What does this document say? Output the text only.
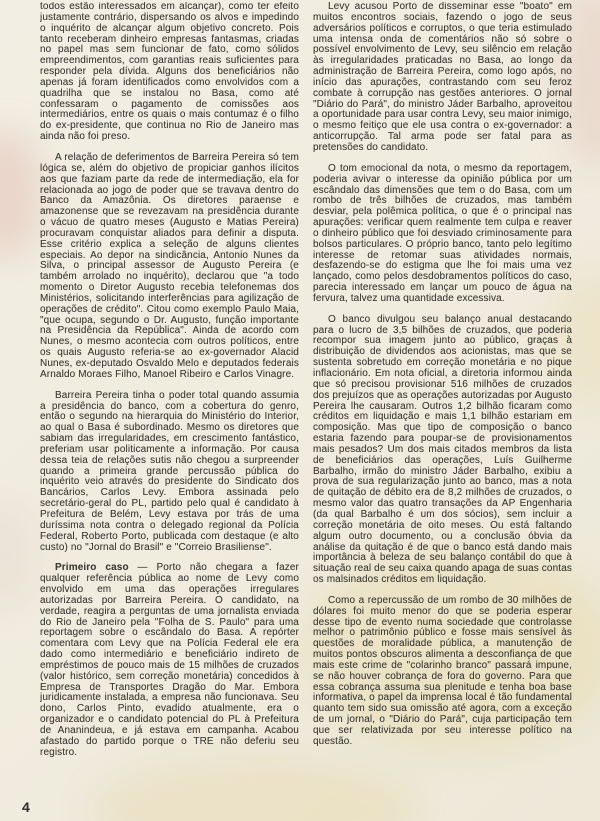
todos estão interessados em alcançar), como ter efeito justamente contrário, dispersando os alvos e impedindo o inquérito de alcançar algum objetivo concreto. Pois tanto receberam dinheiro empresas fantasmas, criadas no papel mas sem funcionar de fato, como sólidos empreendimentos, com garantias reais suficientes para responder pela dívida. Alguns dos beneficiários não apenas já foram identificados como envolvidos com a quadrilha que se instalou no Basa, como até confessaram o pagamento de comissões aos intermediários, entre os quais o mais contumaz é o filho do ex-presidente, que continua no Rio de Janeiro mas ainda não foi preso.

A relação de deferimentos de Barreira Pereira só tem lógica se, além do objetivo de propiciar ganhos ilícitos aos que faziam parte da rede de intermediação, ela for relacionada ao jogo de poder que se travava dentro do Banco da Amazônia. Os diretores paraense e amazonense que se revezavam na presidência durante o vácuo de quatro meses (Augusto e Matias Pereira) procuravam conquistar aliados para definir a disputa. Esse critério explica a seleção de alguns clientes especiais. Ao depor na sindicância, Antonio Nunes da Silva, o principal assessor de Augusto Pereira (e também arrolado no inquérito), declarou que "a todo momento o Diretor Augusto recebia telefonemas dos Ministérios, solicitando interferências para agilização de operações de crédito". Citou como exemplo Paulo Maia, "que ocupa, segundo o Dr. Augusto, função importante na Presidência da República". Ainda de acordo com Nunes, o mesmo acontecia com outros políticos, entre os quais Augusto referia-se ao ex-governador Alacid Nunes, ex-deputado Osvaldo Melo e deputados federais Arnaldo Moraes Filho, Manoel Ribeiro e Carlos Vinagre.

Barreira Pereira tinha o poder total quando assumia a presidência do banco, com a cobertura do genro, então o segundo na hierarquia do Ministério do Interior, ao qual o Basa é subordinado. Mesmo os diretores que sabiam das irregularidades, em crescimento fantástico, preferiam usar politicamente a informação. Por causa dessa teia de relações sutis não chegou a surpreender quando a primeira grande percussão pública do inquérito veio através do presidente do Sindicato dos Bancários, Carlos Levy. Embora assinada pelo secretário-geral do PL, partido pelo qual é candidato à Prefeitura de Belém, Levy estava por trás de uma duríssima nota contra o delegado regional da Polícia Federal, Roberto Porto, publicada com destaque (e alto custo) no "Jornal do Brasil" e "Correio Brasiliense".

Primeiro caso — Porto não chegara a fazer qualquer referência pública ao nome de Levy como envolvido em uma das operações irregulares autorizadas por Barreira Pereira. O candidato, na verdade, reagira a perguntas de uma jornalista enviada do Rio de Janeiro pela "Folha de S. Paulo" para uma reportagem sobre o escândalo do Basa. A repórter comentara com Levy que na Polícia Federal ele era dado como intermediário e beneficiário indireto de empréstimos de pouco mais de 15 milhões de cruzados (valor histórico, sem correção monetária) concedidos à Empresa de Transportes Dragão do Mar. Embora juridicamente instalada, a empresa não funcionava. Seu dono, Carlos Pinto, evadido atualmente, era o organizador e o candidato potencial do PL à Prefeitura de Ananindeua, e já estava em campanha. Acabou afastado do partido porque o TRE não deferiu seu registro.

Levy acusou Porto de disseminar esse "boato" em muitos encontros sociais, fazendo o jogo de seus adversários políticos e corruptos, o que teria estimulado uma intensa onda de comentários não só sobre o possível envolvimento de Levy, seu silêncio em relação às irregularidades praticadas no Basa, ao longo da administração de Barreira Pereira, como logo após, no início das apurações, contrastando com seu feroz combate à corrupção nas gestões anteriores. O jornal "Diário do Pará", do ministro Jáder Barbalho, aproveitou a oportunidade para usar contra Levy, seu maior inimigo, o mesmo feitiço que ele usa contra o ex-governador: a anticorrupção. Tal arma pode ser fatal para as pretensões do candidato.

O tom emocional da nota, o mesmo da reportagem, poderia avivar o interesse da opinião pública por um escândalo das dimensões que tem o do Basa, com um rombo de três bilhões de cruzados, mas também desviar, pela polêmica política, o que é o principal nas apurações: verificar quem realmente tem culpa e reaver o dinheiro público que foi desviado criminosamente para bolsos particulares. O próprio banco, tanto pelo legítimo interesse de retomar suas atividades normais, desfazendo-se do estigma que lhe foi mais uma vez lançado, como pelos desdobramentos políticos do caso, parecia interessado em lançar um pouco de água na fervura, talvez uma quantidade excessiva.

O banco divulgou seu balanço anual destacando para o lucro de 3,5 bilhões de cruzados, que poderia recompor sua imagem junto ao público, graças à distribuição de dividendos aos acionistas, mas que se sustenta sobretudo em correção monetária e no pique inflacionário. Em nota oficial, a diretoria informou ainda que só precisou provisionar 516 milhões de cruzados dos prejuízos que as operações autorizadas por Augusto Pereira lhe causaram. Outros 1,2 bilhão ficaram como créditos em liquidação e mais 1,1 bilhão estariam em composição. Mas que tipo de composição o banco estaria fazendo para poupar-se de provisionamentos mais pesados? Um dos mais citados membros da lista de beneficiários das operações, Luís Guilherme Barbalho, irmão do ministro Jáder Barbalho, exibiu a prova de sua regularização junto ao banco, mas a nota de quitação de débito era de 8,2 milhões de cruzados, o mesmo valor das quatro transações da AP Engenharia (da qual Barbalho é um dos sócios), sem incluir a correção monetária de oito meses. Ou está faltando algum outro documento, ou a conclusão óbvia da análise da quitação é de que o banco está dando mais importância à beleza de seu balanço contábil do que à situação real de seu caixa quando apaga de suas contas os malsinados créditos em liquidação.

Como a repercussão de um rombo de 30 milhões de dólares foi muito menor do que se poderia esperar desse tipo de evento numa sociedade que controlasse melhor o patrimônio público e fosse mais sensível às questões de moralidade pública, a manutenção de muitos pontos obscuros alimenta a desconfiança de que mais este crime de "colarinho branco" passará impune, se não houver cobrança de fora do governo. Para que essa cobrança assuma sua plenitude e tenha boa base informativa, o papel da imprensa local é tão fundamental quanto tem sido sua omissão até agora, com a exceção de um jornal, o "Diário do Pará", cuja participação tem que ser relativizada por seu interesse político na questão.

4
